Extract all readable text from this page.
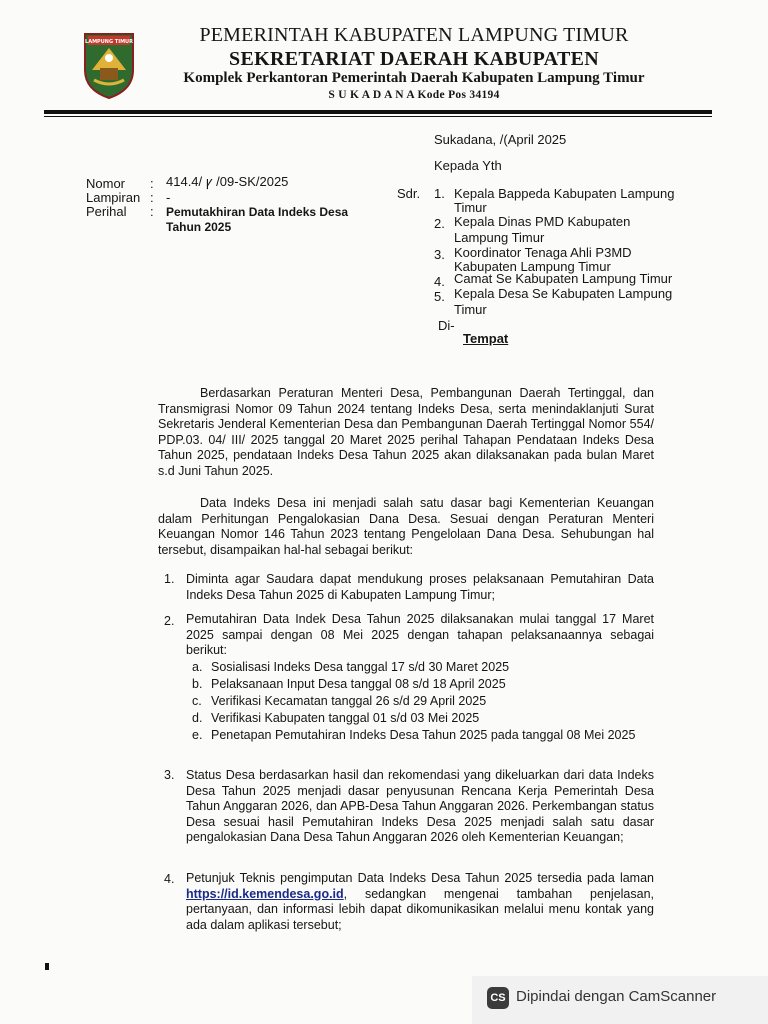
LAMPUNG TIMUR	PEMERINTAH KABUPATEN LAMPUNG TIMUR
SEKRETARIAT DAERAH KABUPATEN
Komplek Perkantoran Pemerintah Daerah Kabupaten Lampung Timur
S U K A D A N A Kode Pos 34194
Sukadana, /(April 2025
Kepada Yth
Nomor : 414.4/ ꝩ /09-SK/2025
Lampiran : -
Perihal : Pemutakhiran Data Indeks Desa
Tahun 2025
Sdr. 1. Kepala Bappeda Kabupaten Lampung
Timur
2. Kepala Dinas PMD Kabupaten
Lampung Timur
3. Koordinator Tenaga Ahli P3MD
Kabupaten Lampung Timur
4. Camat Se Kabupaten Lampung Timur
5. Kepala Desa Se Kabupaten Lampung
Timur
Di-
Tempat

Berdasarkan Peraturan Menteri Desa, Pembangunan Daerah Tertinggal, dan Transmigrasi Nomor 09 Tahun 2024 tentang Indeks Desa, serta menindaklanjuti Surat Sekretaris Jenderal Kementerian Desa dan Pembangunan Daerah Tertinggal Nomor 554/ PDP.03. 04/ III/ 2025 tanggal 20 Maret 2025 perihal Tahapan Pendataan Indeks Desa Tahun 2025, pendataan Indeks Desa Tahun 2025 akan dilaksanakan pada bulan Maret s.d Juni Tahun 2025.

Data Indeks Desa ini menjadi salah satu dasar bagi Kementerian Keuangan dalam Perhitungan Pengalokasian Dana Desa. Sesuai dengan Peraturan Menteri Keuangan Nomor 146 Tahun 2023 tentang Pengelolaan Dana Desa. Sehubungan hal tersebut, disampaikan hal-hal sebagai berikut:

1. Diminta agar Saudara dapat mendukung proses pelaksanaan Pemutahiran Data Indeks Desa Tahun 2025 di Kabupaten Lampung Timur;
2. Pemutahiran Data Indek Desa Tahun 2025 dilaksanakan mulai tanggal 17 Maret 2025 sampai dengan 08 Mei 2025 dengan tahapan pelaksanaannya sebagai berikut:
a. Sosialisasi Indeks Desa tanggal 17 s/d 30 Maret 2025
b. Pelaksanaan Input Desa tanggal 08 s/d 18 April 2025
c. Verifikasi Kecamatan tanggal 26 s/d 29 April 2025
d. Verifikasi Kabupaten tanggal 01 s/d 03 Mei 2025
e. Penetapan Pemutahiran Indeks Desa Tahun 2025 pada tanggal 08 Mei 2025
3. Status Desa berdasarkan hasil dan rekomendasi yang dikeluarkan dari data Indeks Desa Tahun 2025 menjadi dasar penyusunan Rencana Kerja Pemerintah Desa Tahun Anggaran 2026, dan APB-Desa Tahun Anggaran 2026. Perkembangan status Desa sesuai hasil Pemutahiran Indeks Desa 2025 menjadi salah satu dasar pengalokasian Dana Desa Tahun Anggaran 2026 oleh Kementerian Keuangan;
4. Petunjuk Teknis pengimputan Data Indeks Desa Tahun 2025 tersedia pada laman https://id.kemendesa.go.id, sedangkan mengenai tambahan penjelasan, pertanyaan, dan informasi lebih dapat dikomunikasikan melalui menu kontak yang ada dalam aplikasi tersebut;
CS Dipindai dengan CamScanner
